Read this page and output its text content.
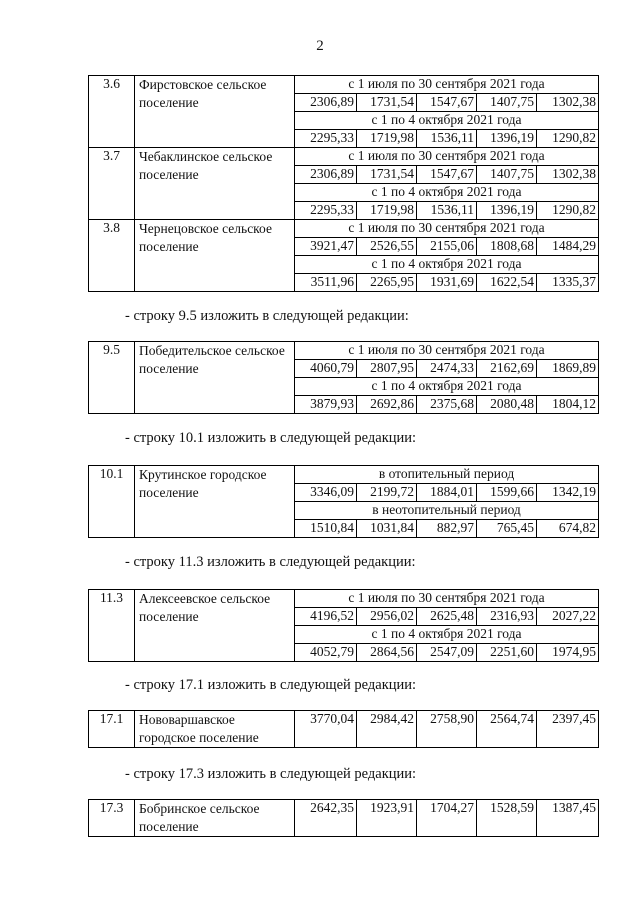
2
3.6	Фирстовское сельское поселение	с 1 июля по 30 сентября 2021 года				
		2306,89	1731,54	1547,67	1407,75	1302,38
		с 1 по 4 октября 2021 года				
		2295,33	1719,98	1536,11	1396,19	1290,82
3.7	Чебаклинское сельское поселение	с 1 июля по 30 сентября 2021 года				
		2306,89	1731,54	1547,67	1407,75	1302,38
		с 1 по 4 октября 2021 года				
		2295,33	1719,98	1536,11	1396,19	1290,82
3.8	Чернецовское сельское поселение	с 1 июля по 30 сентября 2021 года				
		3921,47	2526,55	2155,06	1808,68	1484,29
		с 1 по 4 октября 2021 года				
		3511,96	2265,95	1931,69	1622,54	1335,37
- строку 9.5 изложить в следующей редакции:
9.5	Победительское сельское поселение	с 1 июля по 30 сентября 2021 года				
		4060,79	2807,95	2474,33	2162,69	1869,89
		с 1 по 4 октября 2021 года				
		3879,93	2692,86	2375,68	2080,48	1804,12
- строку 10.1 изложить в следующей редакции:
10.1	Крутинское городское поселение	в отопительный период				
		3346,09	2199,72	1884,01	1599,66	1342,19
		в неотопительный период				
		1510,84	1031,84	882,97	765,45	674,82
- строку 11.3 изложить в следующей редакции:
11.3	Алексеевское сельское поселение	с 1 июля по 30 сентября 2021 года				
		4196,52	2956,02	2625,48	2316,93	2027,22
		с 1 по 4 октября 2021 года				
		4052,79	2864,56	2547,09	2251,60	1974,95
- строку 17.1 изложить в следующей редакции:
17.1	Нововаршавское городское поселение	3770,04	2984,42	2758,90	2564,74	2397,45
- строку 17.3 изложить в следующей редакции:
17.3	Бобринское сельское поселение	2642,35	1923,91	1704,27	1528,59	1387,45
